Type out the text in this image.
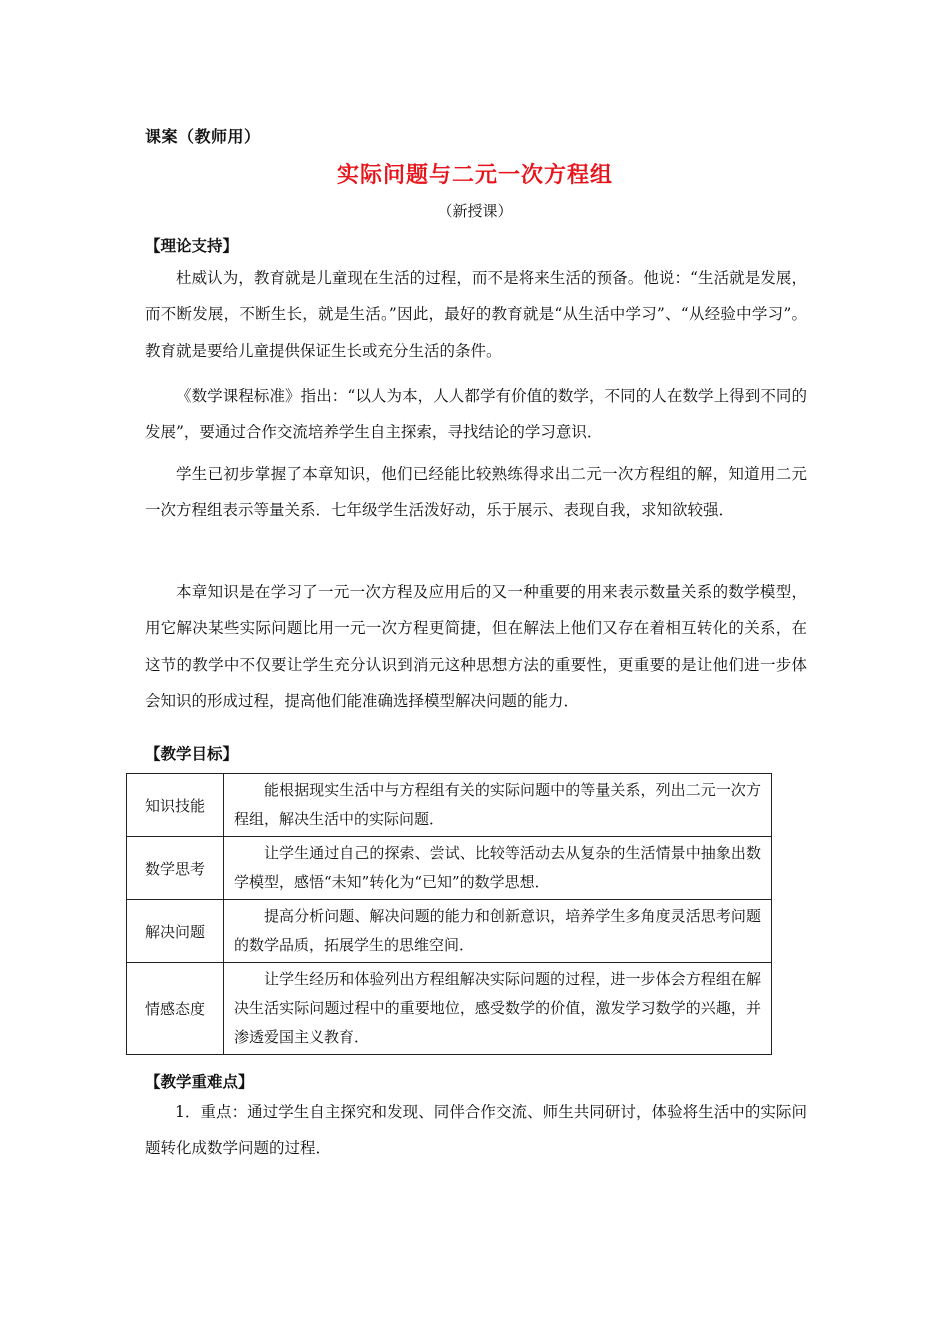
课案（教师用）
实际问题与二元一次方程组
（新授课）
【理论支持】

杜威认为，教育就是儿童现在生活的过程，而不是将来生活的预备。他说：“生活就是发展，而不断发展，不断生长，就是生活。”因此，最好的教育就是“从生活中学习”、“从经验中学习”。教育就是要给儿童提供保证生长或充分生活的条件。

《数学课程标准》指出：“以人为本，人人都学有价值的数学，不同的人在数学上得到不同的发展”，要通过合作交流培养学生自主探索，寻找结论的学习意识．

学生已初步掌握了本章知识，他们已经能比较熟练得求出二元一次方程组的解，知道用二元一次方程组表示等量关系．七年级学生活泼好动，乐于展示、表现自我，求知欲较强．

本章知识是在学习了一元一次方程及应用后的又一种重要的用来表示数量关系的数学模型，用它解决某些实际问题比用一元一次方程更简捷，但在解法上他们又存在着相互转化的关系，在这节的教学中不仅要让学生充分认识到消元这种思想方法的重要性，更重要的是让他们进一步体会知识的形成过程，提高他们能准确选择模型解决问题的能力．

【教学目标】
知识技能	能根据现实生活中与方程组有关的实际问题中的等量关系，列出二元一次方程组，解决生活中的实际问题．
数学思考	让学生通过自己的探索、尝试、比较等活动去从复杂的生活情景中抽象出数学模型，感悟“未知”转化为“已知”的数学思想．
解决问题	提高分析问题、解决问题的能力和创新意识，培养学生多角度灵活思考问题的数学品质，拓展学生的思维空间．
情感态度	让学生经历和体验列出方程组解决实际问题的过程，进一步体会方程组在解决生活实际问题过程中的重要地位，感受数学的价值，激发学习数学的兴趣，并渗透爱国主义教育．
【教学重难点】

1．重点：通过学生自主探究和发现、同伴合作交流、师生共同研讨，体验将生活中的实际问题转化成数学问题的过程．
